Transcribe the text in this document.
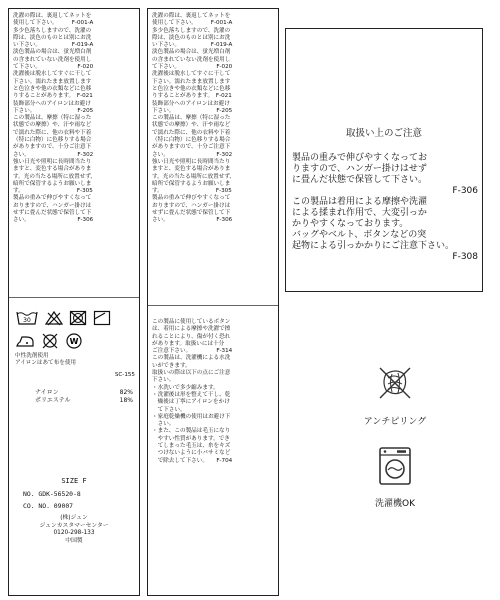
洗濯の際は、裏返してネットを
使用して下さい。　　　F-001-A
多少色落ちしますので、洗濯の
際は、淡色のものとは別にお洗
い下さい。　　　　　　F-019-A
淡色製品の場合は、蛍光増白剤
の含まれていない洗剤を使用し
て下さい。　　　　　　　F-020
洗濯後は脱水してすぐに干して
下さい。濡れたまま放置します
と色泣きや他の衣類などに色移
りすることがあります。　F-021
装飾部分へのアイロンはお避け
下さい。　　　　　　　　F-205
この製品は、摩擦（特に湿った
状態での摩擦）や、汗や雨など
で濡れた際に、他の衣料や下着
（特に白物）に色移りする場合
がありますので、十分ご注意下
さい。　　　　　　　　　F-302
強い日光や照明に長時間当たり
ますと、変色する場合がありま
す。光の当たる場所に放置せず、
暗所で保管するようお願いしま
す。　　　　　　　　　　F-305
製品の重みで伸びやすくなって
おりますので、ハンガー掛けは
せずに畳んだ状態で保管して下
さい。　　　　　　　　　F-306
30
W
中性洗剤使用
アイロンはあて布を使用
SC-155
ナイロン	82%
ポリエステル	18%
SIZE F
NO. GDK-56520-8
CO. NO. 09007
(株)ジュン
ジュンカスタマーセンター
0120-298-133
中国製
洗濯の際は、裏返してネットを
使用して下さい。　　　F-001-A
多少色落ちしますので、洗濯の
際は、淡色のものとは別にお洗
い下さい。　　　　　　F-019-A
淡色製品の場合は、蛍光増白剤
の含まれていない洗剤を使用し
て下さい。　　　　　　　F-020
洗濯後は脱水してすぐに干して
下さい。濡れたまま放置します
と色泣きや他の衣類などに色移
りすることがあります。　F-021
装飾部分へのアイロンはお避け
下さい。　　　　　　　　F-205
この製品は、摩擦（特に湿った
状態での摩擦）や、汗や雨など
で濡れた際に、他の衣料や下着
（特に白物）に色移りする場合
がありますので、十分ご注意下
さい。　　　　　　　　　F-302
強い日光や照明に長時間当たり
ますと、変色する場合がありま
す。光の当たる場所に放置せず、
暗所で保管するようお願いしま
す。　　　　　　　　　　F-305
製品の重みで伸びやすくなって
おりますので、ハンガー掛けは
せずに畳んだ状態で保管して下
さい。　　　　　　　　　F-306
この製品に使用しているボタン
は、着用による摩擦や洗濯で擦
れることにより、傷が付く恐れ
があります。取扱いには十分
ご注意下さい。　　　　　F-314
この製品は、洗濯機による水洗
いができます。
取扱いの際は以下の点にご注意
下さい。
・水洗いで多少縮みます。
・洗濯後は形を整えて干し、乾
　燥後は丁寧にアイロンをかけ
　て下さい。
・家庭乾燥機の使用はお避け下
　さい。
・また、この製品は毛玉になり
　やすい性質があります。でき
　てしまった毛玉は、糸をキズ
　つけないように小バサミなど
　で除去して下さい。　　F-704
取扱い上のご注意
製品の重みで伸びやすくなってお
りますので、ハンガー掛けはせず
に畳んだ状態で保管して下さい。
F-306
この製品は着用による摩擦や洗濯
による揉まれ作用で、大変引っか
かりやすくなっております。
バッグやベルト、ボタンなどの突
起物による引っかかりにご注意下さい。
F-308
アンチピリング
洗濯機OK
